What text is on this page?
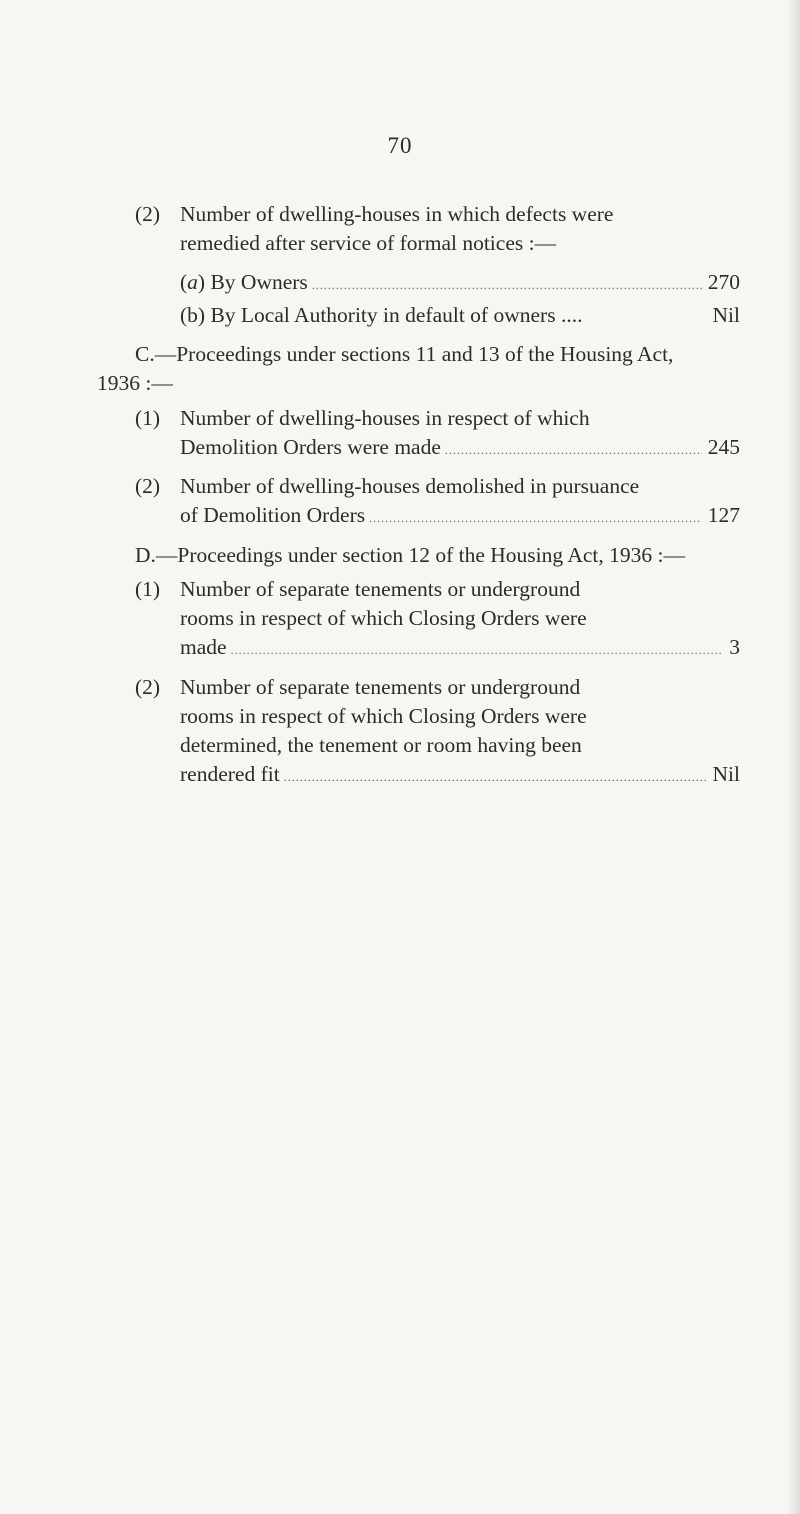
70
(2) Number of dwelling-houses in which defects were
remedied after service of formal notices :—
(a) By Owners .....	270
(b) By Local Authority in default of owners ....	Nil
C.—Proceedings under sections 11 and 13 of the Housing Act,
1936 :—
(1) Number of dwelling-houses in respect of which
Demolition Orders were made .....	245
(2) Number of dwelling-houses demolished in pursuance
of Demolition Orders .....	127
D.—Proceedings under section 12 of the Housing Act, 1936 :—
(1) Number of separate tenements or underground
rooms in respect of which Closing Orders were
made .....	3
(2) Number of separate tenements or underground
rooms in respect of which Closing Orders were
determined, the tenement or room having been
rendered fit .....	Nil
